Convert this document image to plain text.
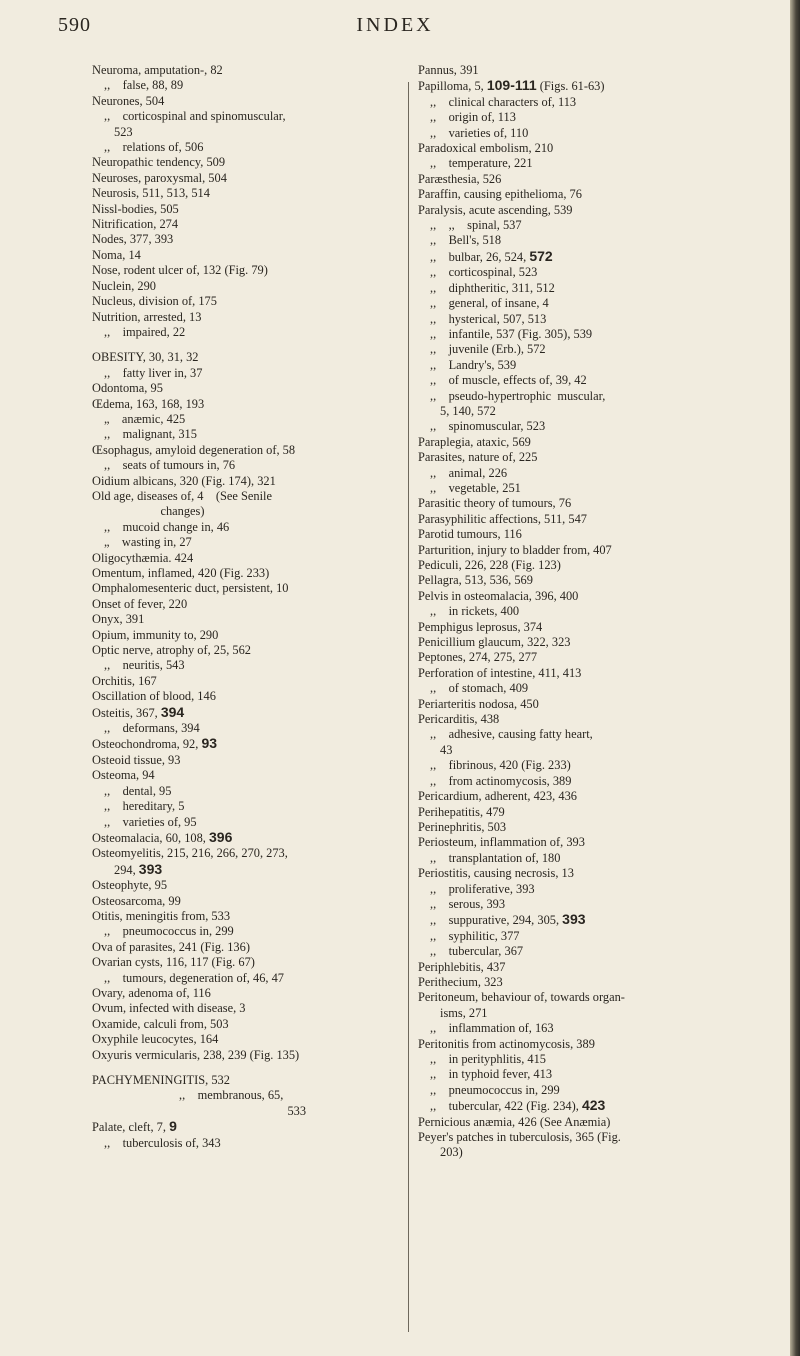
590	INDEX
Neuroma, amputation-, 82
,,    false, 88, 89
Neurones, 504
,,    corticospinal and spinomuscular,
523
,,    relations of, 506
Neuropathic tendency, 509
Neuroses, paroxysmal, 504
Neurosis, 511, 513, 514
Nissl-bodies, 505
Nitrification, 274
Nodes, 377, 393
Noma, 14
Nose, rodent ulcer of, 132 (Fig. 79)
Nuclein, 290
Nucleus, division of, 175
Nutrition, arrested, 13
,,    impaired, 22
OBESITY, 30, 31, 32
,,    fatty liver in, 37
Odontoma, 95
Œdema, 163, 168, 193
„    anæmic, 425
,,    malignant, 315
Œsophagus, amyloid degeneration of, 58
,,    seats of tumours in, 76
Oidium albicans, 320 (Fig. 174), 321
Old age, diseases of, 4    (See Senile
changes)
,,    mucoid change in, 46
„    wasting in, 27
Oligocythæmia. 424
Omentum, inflamed, 420 (Fig. 233)
Omphalomesenteric duct, persistent, 10
Onset of fever, 220
Onyx, 391
Opium, immunity to, 290
Optic nerve, atrophy of, 25, 562
,,    neuritis, 543
Orchitis, 167
Oscillation of blood, 146
Osteitis, 367, 394
,,    deformans, 394
Osteochondroma, 92, 93
Osteoid tissue, 93
Osteoma, 94
,,    dental, 95
,,    hereditary, 5
,,    varieties of, 95
Osteomalacia, 60, 108, 396
Osteomyelitis, 215, 216, 266, 270, 273,
294, 393
Osteophyte, 95
Osteosarcoma, 99
Otitis, meningitis from, 533
,,    pneumococcus in, 299
Ova of parasites, 241 (Fig. 136)
Ovarian cysts, 116, 117 (Fig. 67)
,,    tumours, degeneration of, 46, 47
Ovary, adenoma of, 116
Ovum, infected with disease, 3
Oxamide, calculi from, 503
Oxyphile leucocytes, 164
Oxyuris vermicularis, 238, 239 (Fig. 135)
PACHYMENINGITIS, 532
,,    membranous, 65,
533
Palate, cleft, 7, 9
,,    tuberculosis of, 343
Pannus, 391
Papilloma, 5, 109-111 (Figs. 61-63)
,,    clinical characters of, 113
,,    origin of, 113
,,    varieties of, 110
Paradoxical embolism, 210
,,    temperature, 221
Paræsthesia, 526
Paraffin, causing epithelioma, 76
Paralysis, acute ascending, 539
,,    ,,    spinal, 537
,,    Bell's, 518
,,    bulbar, 26, 524, 572
,,    corticospinal, 523
,,    diphtheritic, 311, 512
,,    general, of insane, 4
,,    hysterical, 507, 513
,,    infantile, 537 (Fig. 305), 539
,,    juvenile (Erb.), 572
,,    Landry's, 539
,,    of muscle, effects of, 39, 42
,,    pseudo-hypertrophic  muscular,
5, 140, 572
,,    spinomuscular, 523
Paraplegia, ataxic, 569
Parasites, nature of, 225
,,    animal, 226
,,    vegetable, 251
Parasitic theory of tumours, 76
Parasyphilitic affections, 511, 547
Parotid tumours, 116
Parturition, injury to bladder from, 407
Pediculi, 226, 228 (Fig. 123)
Pellagra, 513, 536, 569
Pelvis in osteomalacia, 396, 400
,,    in rickets, 400
Pemphigus leprosus, 374
Penicillium glaucum, 322, 323
Peptones, 274, 275, 277
Perforation of intestine, 411, 413
,,    of stomach, 409
Periarteritis nodosa, 450
Pericarditis, 438
,,    adhesive, causing fatty heart,
43
,,    fibrinous, 420 (Fig. 233)
,,    from actinomycosis, 389
Pericardium, adherent, 423, 436
Perihepatitis, 479
Perinephritis, 503
Periosteum, inflammation of, 393
,,    transplantation of, 180
Periostitis, causing necrosis, 13
,,    proliferative, 393
,,    serous, 393
,,    suppurative, 294, 305, 393
,,    syphilitic, 377
,,    tubercular, 367
Periphlebitis, 437
Perithecium, 323
Peritoneum, behaviour of, towards organ-
isms, 271
,,    inflammation of, 163
Peritonitis from actinomycosis, 389
,,    in perityphlitis, 415
,,    in typhoid fever, 413
,,    pneumococcus in, 299
,,    tubercular, 422 (Fig. 234), 423
Pernicious anæmia, 426 (See Anæmia)
Peyer's patches in tuberculosis, 365 (Fig.
203)
